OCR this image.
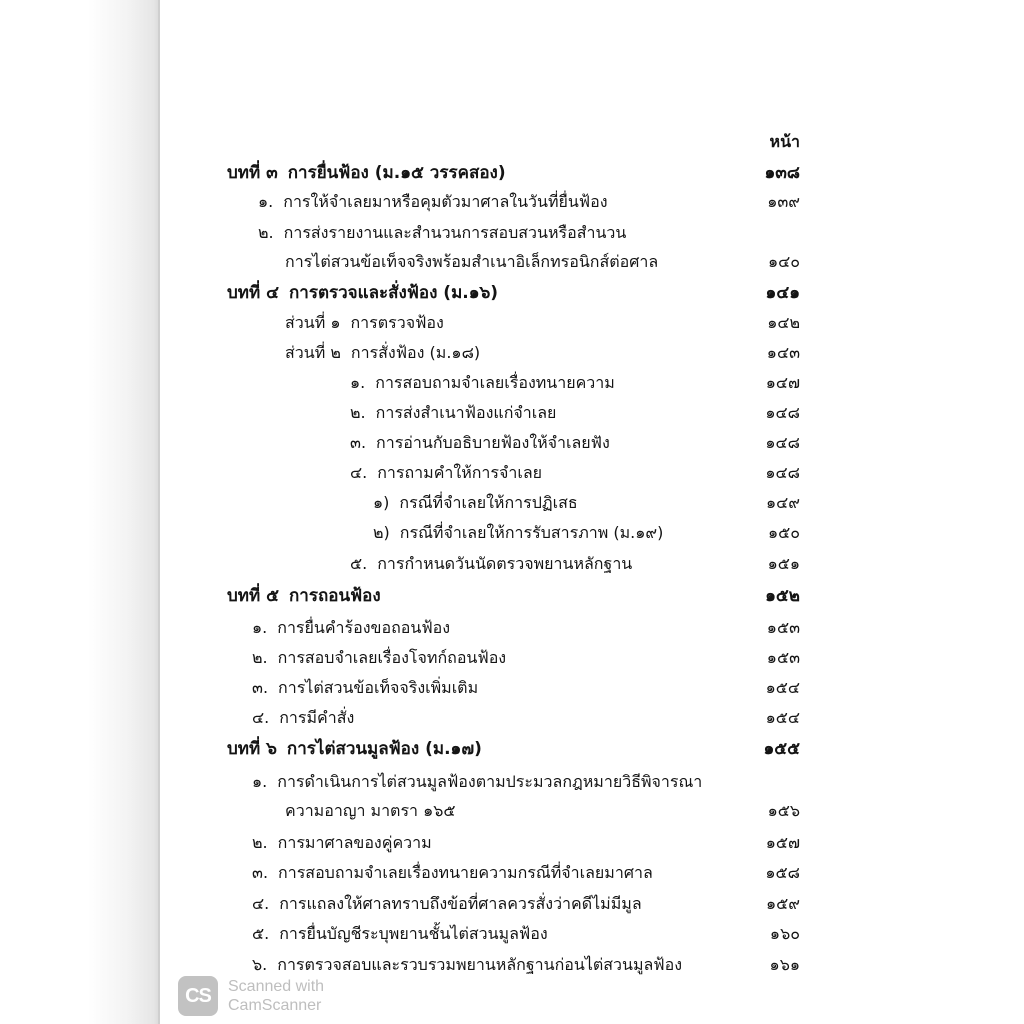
หน้า
บทที่ ๓ การยื่นฟ้อง (ม.๑๕ วรรคสอง)	๑๓๘
๑. การให้จำเลยมาหรือคุมตัวมาศาลในวันที่ยื่นฟ้อง	๑๓๙
๒. การส่งรายงานและสำนวนการสอบสวนหรือสำนวน
การไต่สวนข้อเท็จจริงพร้อมสำเนาอิเล็กทรอนิกส์ต่อศาล	๑๔๐
บทที่ ๔ การตรวจและสั่งฟ้อง (ม.๑๖)	๑๔๑
ส่วนที่ ๑ การตรวจฟ้อง	๑๔๒
ส่วนที่ ๒ การสั่งฟ้อง (ม.๑๘)	๑๔๓
๑. การสอบถามจำเลยเรื่องทนายความ	๑๔๗
๒. การส่งสำเนาฟ้องแก่จำเลย	๑๔๘
๓. การอ่านกับอธิบายฟ้องให้จำเลยฟัง	๑๔๘
๔. การถามคำให้การจำเลย	๑๔๘
๑) กรณีที่จำเลยให้การปฏิเสธ	๑๔๙
๒) กรณีที่จำเลยให้การรับสารภาพ (ม.๑๙)	๑๕๐
๕. การกำหนดวันนัดตรวจพยานหลักฐาน	๑๕๑
บทที่ ๕ การถอนฟ้อง	๑๕๒
๑. การยื่นคำร้องขอถอนฟ้อง	๑๕๓
๒. การสอบจำเลยเรื่องโจทก์ถอนฟ้อง	๑๕๓
๓. การไต่สวนข้อเท็จจริงเพิ่มเติม	๑๕๔
๔. การมีคำสั่ง	๑๕๔
บทที่ ๖ การไต่สวนมูลฟ้อง (ม.๑๗)	๑๕๕
๑. การดำเนินการไต่สวนมูลฟ้องตามประมวลกฎหมายวิธีพิจารณา
ความอาญา มาตรา ๑๖๕	๑๕๖
๒. การมาศาลของคู่ความ	๑๕๗
๓. การสอบถามจำเลยเรื่องทนายความกรณีที่จำเลยมาศาล	๑๕๘
๔. การแถลงให้ศาลทราบถึงข้อที่ศาลควรสั่งว่าคดีไม่มีมูล	๑๕๙
๕. การยื่นบัญชีระบุพยานชั้นไต่สวนมูลฟ้อง	๑๖๐
๖. การตรวจสอบและรวบรวมพยานหลักฐานก่อนไต่สวนมูลฟ้อง	๑๖๑
CS	Scanned with
CamScanner
